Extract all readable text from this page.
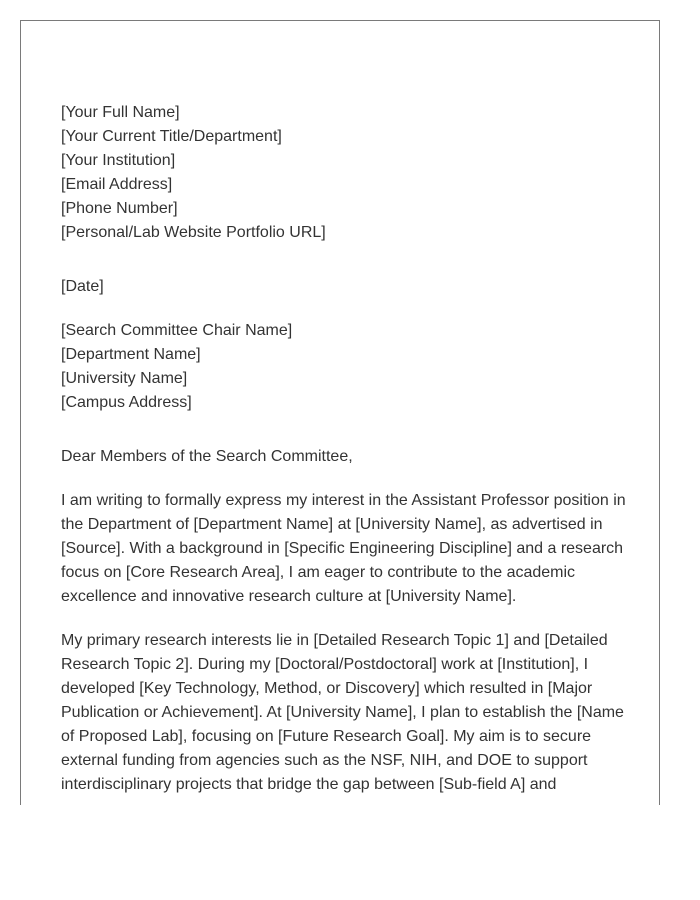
[Your Full Name]
[Your Current Title/Department]
[Your Institution]
[Email Address]
[Phone Number]
[Personal/Lab Website Portfolio URL]
[Date]
[Search Committee Chair Name]
[Department Name]
[University Name]
[Campus Address]
Dear Members of the Search Committee,

I am writing to formally express my interest in the Assistant Professor position in the Department of [Department Name] at [University Name], as advertised in [Source]. With a background in [Specific Engineering Discipline] and a research focus on [Core Research Area], I am eager to contribute to the academic excellence and innovative research culture at [University Name].

My primary research interests lie in [Detailed Research Topic 1] and [Detailed Research Topic 2]. During my [Doctoral/Postdoctoral] work at [Institution], I developed [Key Technology, Method, or Discovery] which resulted in [Major Publication or Achievement]. At [University Name], I plan to establish the [Name of Proposed Lab], focusing on [Future Research Goal]. My aim is to secure external funding from agencies such as the NSF, NIH, and DOE to support interdisciplinary projects that bridge the gap between [Sub-field A] and
